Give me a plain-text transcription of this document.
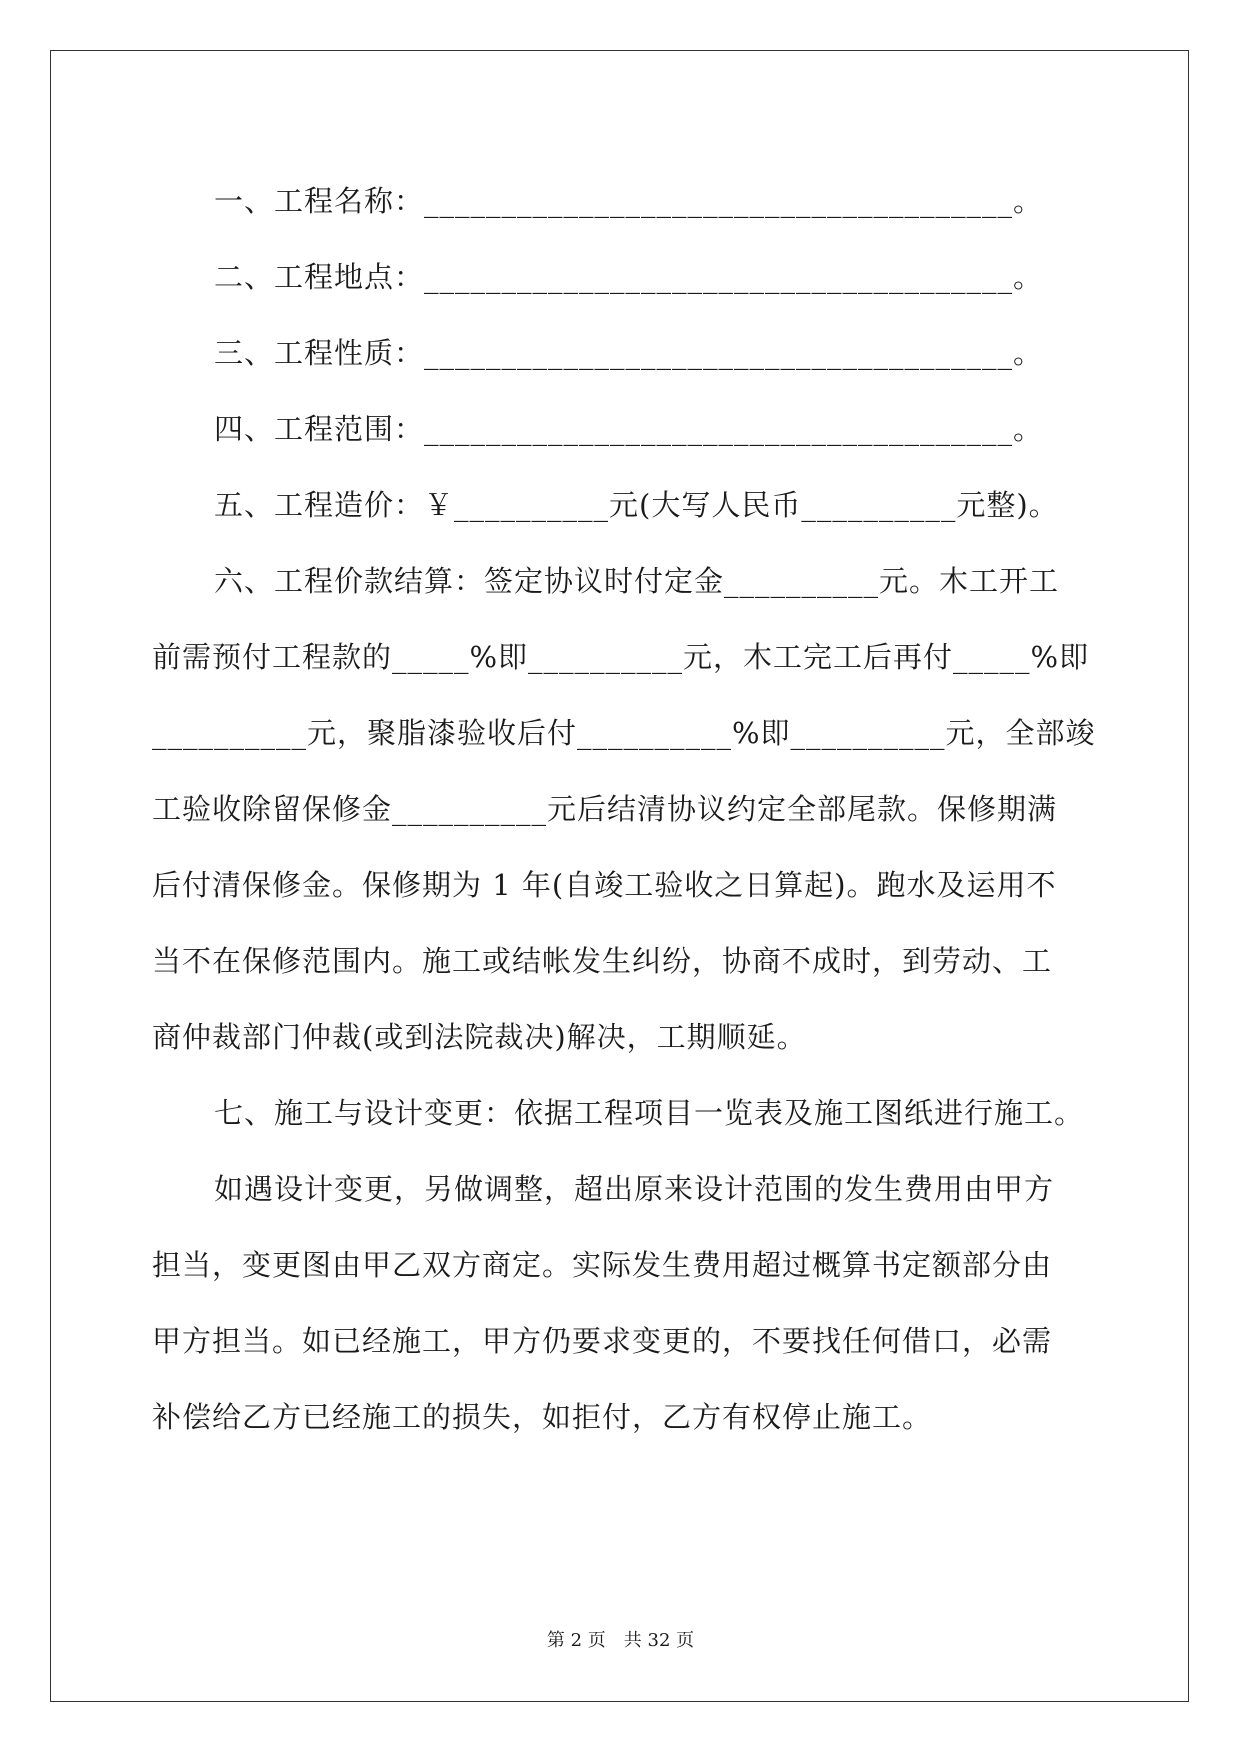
一、工程名称：______________________________________。
二、工程地点：______________________________________。
三、工程性质：______________________________________。
四、工程范围：______________________________________。
五、工程造价：￥__________元(大写人民币__________元整)。
六、工程价款结算：签定协议时付定金__________元。木工开工
前需预付工程款的_____%即__________元，木工完工后再付_____%即
__________元，聚脂漆验收后付__________%即__________元，全部竣
工验收除留保修金__________元后结清协议约定全部尾款。保修期满
后付清保修金。保修期为 1 年(自竣工验收之日算起)。跑水及运用不
当不在保修范围内。施工或结帐发生纠纷，协商不成时，到劳动、工
商仲裁部门仲裁(或到法院裁决)解决，工期顺延。
七、施工与设计变更：依据工程项目一览表及施工图纸进行施工。
如遇设计变更，另做调整，超出原来设计范围的发生费用由甲方
担当，变更图由甲乙双方商定。实际发生费用超过概算书定额部分由
甲方担当。如已经施工，甲方仍要求变更的，不要找任何借口，必需
补偿给乙方已经施工的损失，如拒付，乙方有权停止施工。
第 2 页　共 32 页
